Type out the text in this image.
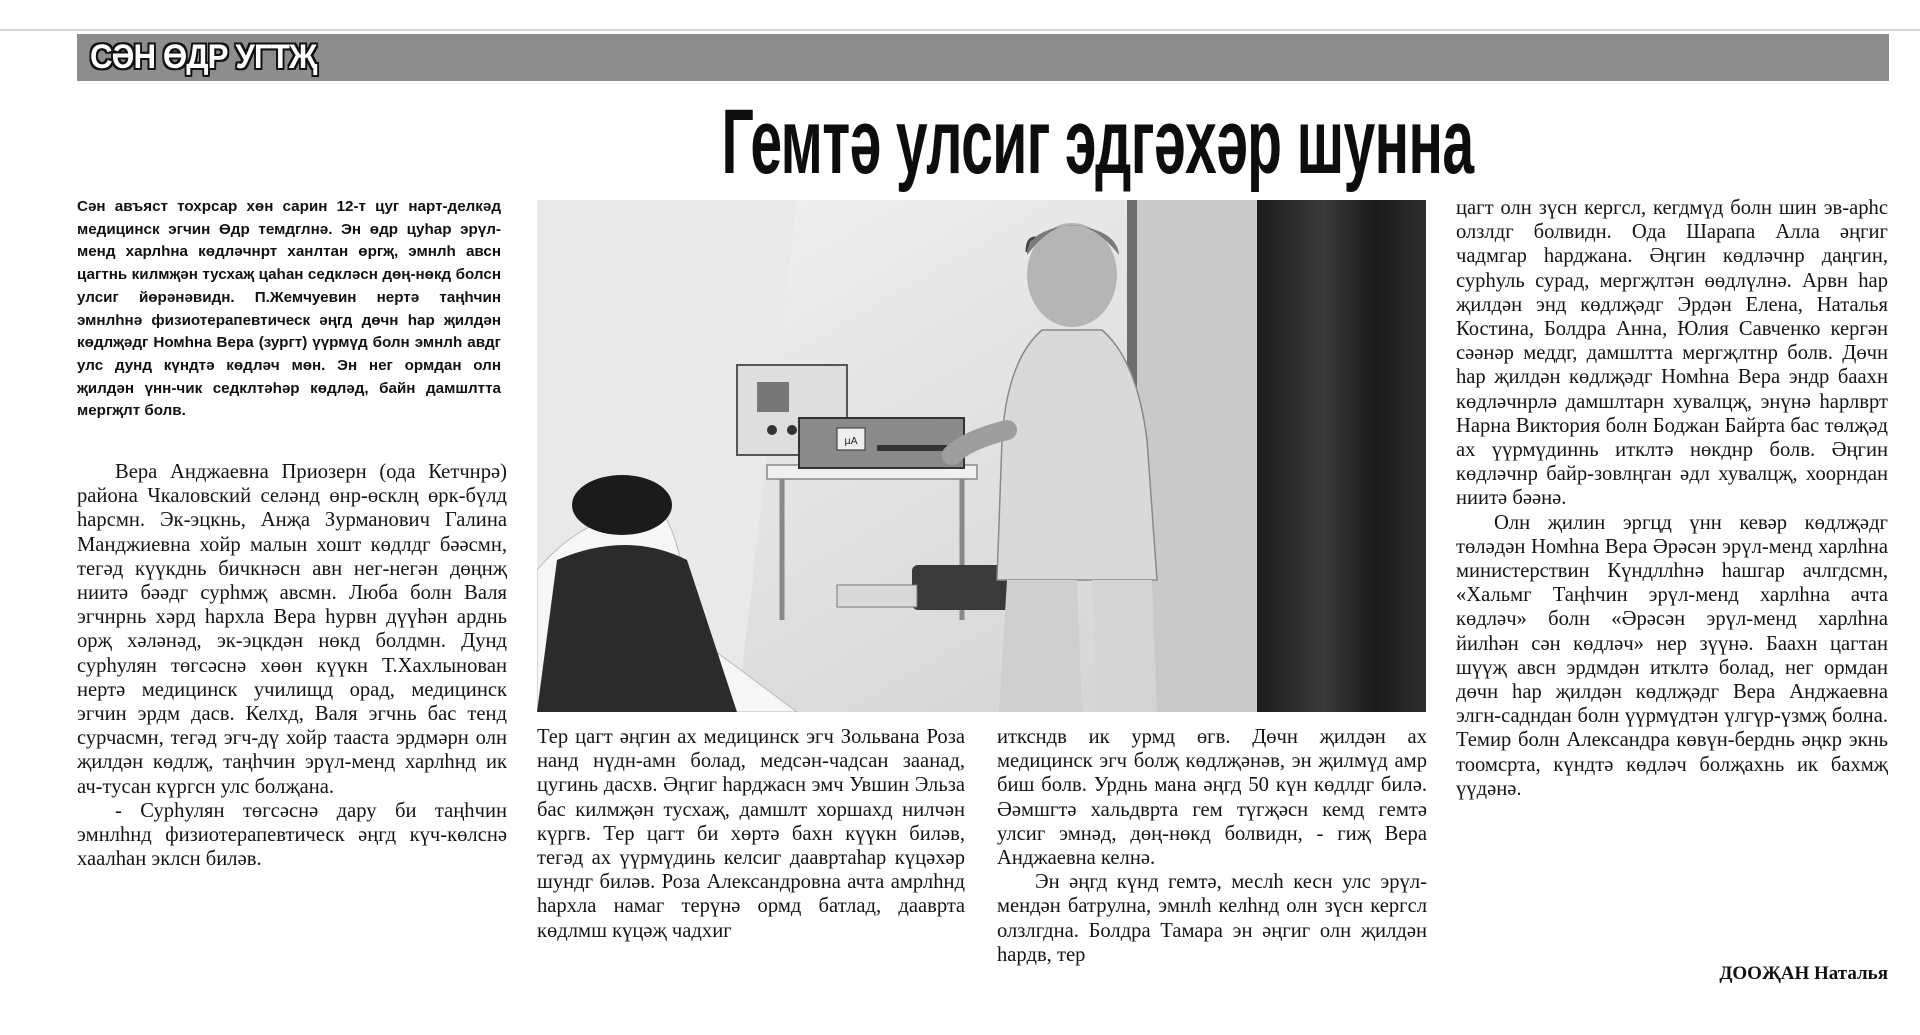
СӘН ӨДР УГТҖ
Гемтә улсиг эдгәхәр шунна

Сән авъяст тохрсар хөн сарин 12-т цуг нарт-делкәд медицинск эгчин Өдр темдглнә. Эн өдр цуһар эрүл-менд харлһна көдләчнрт ханлтан өргҗ, эмнлһ авсн цагтнь килмҗән тусхаҗ цаһан седкләсн дөң-нөкд болсн улсиг йөрәнәвидн. П.Жемчуевин нертә таңһчин эмнлһнә физиотерапевтическ әңгд дөчн һар җилдән көдлҗәдг Номһна Вера (зургт) үүрмүд болн эмнлһ авдг улс дунд күндтә көдләч мөн. Эн нег ормдан олн җилдән үнн-чик седклтәһәр көдләд, байн дамшлтта мергҗлт болв.

Вера Анджаевна Приозерн (ода Кетчнрә) района Чкаловский селәнд өнр-өсклң өрк-бүлд һарсмн. Эк-эцкнь, Анҗа Зурманович Галина Манджиевна хойр малын хошт көдлдг бәәсмн, тегәд күүкднь бичкнәсн авн нег-негән дөңнҗ ниитә бәәдг сурһмҗ авсмн. Люба болн Валя эгчнрнь хәрд һархла Вера һурвн дүүһән арднь орҗ хәләнәд, эк-эцкдән нөкд болдмн. Дунд сурһулян төгсәснә хөөн күүкн Т.Хахлынован нертә медицинск училищд орад, медицинск эгчин эрдм дасв. Келхд, Валя эгчнь бас тенд сурчасмн, тегәд эгч-дү хойр тааста эрдмәрн олн җилдән көдлҗ, таңһчин эрүл-менд харлһнд ик ач-тусан күргсн улс болҗана.

- Сурһулян төгсәснә дару би таңһчин эмнлһнд физиотерапевтическ әңгд күч-көлснә хаалһан эклсн биләв.

μA
Номһна Вера

Тер цагт әңгин ах медицинск эгч Зольвана Роза нанд нүдн-амн болад, медсән-чадсан заанад, цугинь дасхв. Әңгиг һарджасн эмч Увшин Эльза бас килмҗән тусхаҗ, дамшлт хоршахд нилчән күргв. Тер цагт би хөртә бахн күүкн биләв, тегәд ах үүрмүдинь келсиг даавртаһар күцәхәр шундг биләв. Роза Александровна ачта амрлһнд һархла намаг терүнә ормд батлад, даавртa көдлмш күцәҗ чадхиг

итксндв ик урмд өгв. Дөчн җилдән ах медицинск эгч болҗ көдлҗәнәв, эн җилмүд амр биш болв. Урднь мана әңгд 50 күн көдлдг билә. Әәмшгтә хальдврта гем түгҗәсн кемд гемтә улсиг эмнәд, дөң-нөкд болвидн, - гиҗ Вера Анджаевна келнә.

Эн әңгд күнд гемтә, меслһ кесн улс эрүл-мендән батрулна, эмнлһ келһнд олн зүсн кергсл олзлгдна. Болдра Тамара эн әңгиг олн җилдән һардв, тер

цагт олн зүсн кергсл, кегдмүд болн шин эв-арһс олзлдг болвидн. Ода Шарапа Алла әңгиг чадмгар һарджана. Әңгин көдләчнр даңгин, сурһуль сурад, мергҗлтән өөдлүлнә. Арвн һар җилдән энд көдлҗәдг Эрдән Елена, Наталья Костина, Болдра Анна, Юлия Савченко кергән сәәнәр меддг, дамшлтта мергҗлтнр болв. Дөчн һар җилдән көдлҗәдг Номһна Вера эндр баахн көдләчнрлә дамшлтарн хувалцҗ, энүнә һарлврт Нарна Виктория болн Боджан Байрта бас төлҗәд ах үүрмүдиннь итклтә нөкднр болв. Әңгин көдләчнр байр-зовлңган әдл хувалцҗ, хоорндан ниитә бәәнә.

Олн җилин эргцд үнн кевәр көдлҗәдг төләдән Номһна Вера Әрәсән эрүл-менд харлһна министерствин Күндллһнә һашгар ачлгдсмн, «Хальмг Таңһчин эрүл-менд харлһна ачта көдләч» болн «Әрәсән эрүл-менд харлһна йилһән сән көдләч» нер зүүнә. Баахн цагтан шүүҗ авсн эрдмдән итклтә болад, нег ормдан дөчн һар җилдән көдлҗәдг Вера Анджаевна элгн-садндан болн үүрмүдтән үлгүр-үзмҗ болна. Темир болн Александра көвүн-берднь әңкр экнь тоомсрта, күндтә көдләч болҗахнь ик бахмҗ үүдәнә.

ДООҖАН Наталья
